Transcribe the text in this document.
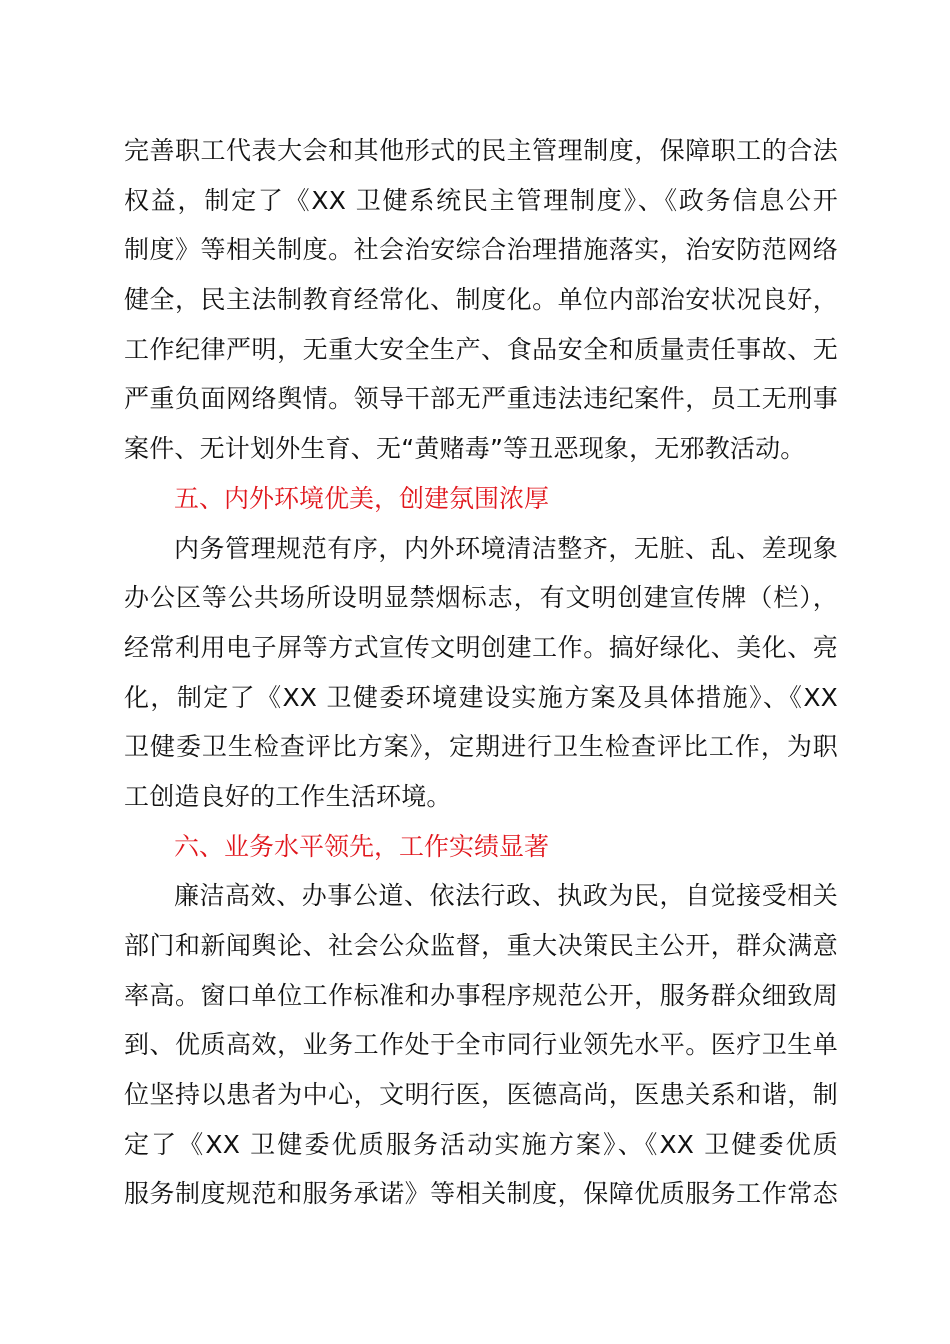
完善职工代表大会和其他形式的民主管理制度，保障职工的合法
权益，制定了《XX 卫健系统民主管理制度》、《政务信息公开
制度》等相关制度。社会治安综合治理措施落实，治安防范网络
健全，民主法制教育经常化、制度化。单位内部治安状况良好，
工作纪律严明，无重大安全生产、食品安全和质量责任事故、无
严重负面网络舆情。领导干部无严重违法违纪案件，员工无刑事
案件、无计划外生育、无“黄赌毒”等丑恶现象，无邪教活动。
五、内外环境优美，创建氛围浓厚
内务管理规范有序，内外环境清洁整齐，无脏、乱、差现象
办公区等公共场所设明显禁烟标志，有文明创建宣传牌（栏），
经常利用电子屏等方式宣传文明创建工作。搞好绿化、美化、亮
化，制定了《XX 卫健委环境建设实施方案及具体措施》、《XX
卫健委卫生检查评比方案》，定期进行卫生检查评比工作，为职
工创造良好的工作生活环境。
六、业务水平领先，工作实绩显著
廉洁高效、办事公道、依法行政、执政为民，自觉接受相关
部门和新闻舆论、社会公众监督，重大决策民主公开，群众满意
率高。窗口单位工作标准和办事程序规范公开，服务群众细致周
到、优质高效，业务工作处于全市同行业领先水平。医疗卫生单
位坚持以患者为中心，文明行医，医德高尚，医患关系和谐，制
定了《XX 卫健委优质服务活动实施方案》、《XX 卫健委优质
服务制度规范和服务承诺》等相关制度，保障优质服务工作常态
